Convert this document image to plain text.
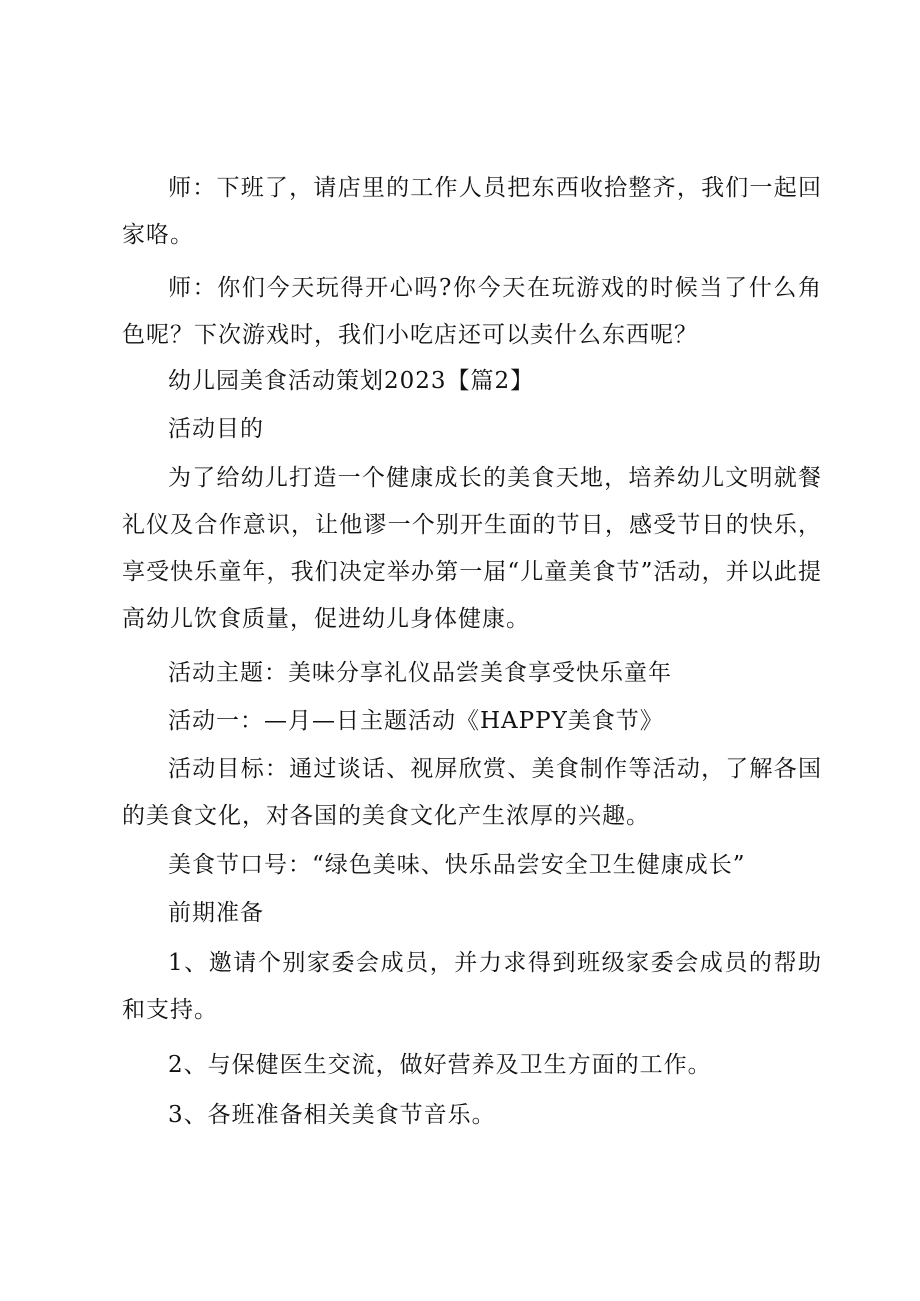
师：下班了，请店里的工作人员把东西收拾整齐，我们一起回家咯。

师：你们今天玩得开心吗?你今天在玩游戏的时候当了什么角色呢？下次游戏时，我们小吃店还可以卖什么东西呢？

幼儿园美食活动策划2023【篇2】

活动目的

为了给幼儿打造一个健康成长的美食天地，培养幼儿文明就餐礼仪及合作意识，让他谬一个别开生面的节日，感受节日的快乐，享受快乐童年，我们决定举办第一届“儿童美食节”活动，并以此提高幼儿饮食质量，促进幼儿身体健康。

活动主题：美味分享礼仪品尝美食享受快乐童年

活动一：—月—日主题活动《HAPPY美食节》

活动目标：通过谈话、视屏欣赏、美食制作等活动，了解各国的美食文化，对各国的美食文化产生浓厚的兴趣。

美食节口号：“绿色美味、快乐品尝安全卫生健康成长”

前期准备

1、邀请个别家委会成员，并力求得到班级家委会成员的帮助和支持。

2、与保健医生交流，做好营养及卫生方面的工作。

3、各班准备相关美食节音乐。
